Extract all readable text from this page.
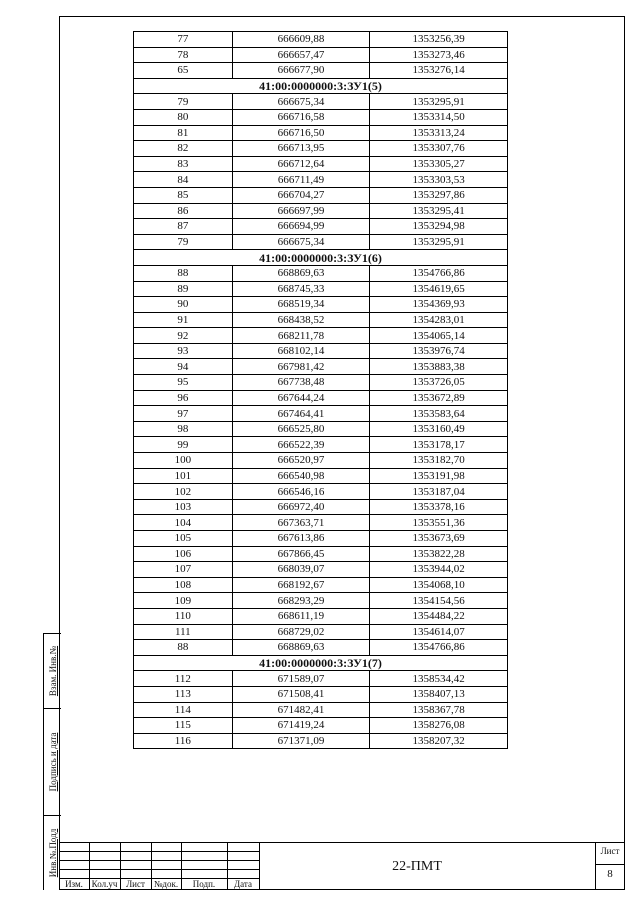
Взам. Инв.№
Подпись и дата
Инв.№.Подл
77	666609,88	1353256,39
78	666657,47	1353273,46
65	666677,90	1353276,14
41:00:0000000:3:ЗУ1(5)		
79	666675,34	1353295,91
80	666716,58	1353314,50
81	666716,50	1353313,24
82	666713,95	1353307,76
83	666712,64	1353305,27
84	666711,49	1353303,53
85	666704,27	1353297,86
86	666697,99	1353295,41
87	666694,99	1353294,98
79	666675,34	1353295,91
41:00:0000000:3:ЗУ1(6)		
88	668869,63	1354766,86
89	668745,33	1354619,65
90	668519,34	1354369,93
91	668438,52	1354283,01
92	668211,78	1354065,14
93	668102,14	1353976,74
94	667981,42	1353883,38
95	667738,48	1353726,05
96	667644,24	1353672,89
97	667464,41	1353583,64
98	666525,80	1353160,49
99	666522,39	1353178,17
100	666520,97	1353182,70
101	666540,98	1353191,98
102	666546,16	1353187,04
103	666972,40	1353378,16
104	667363,71	1353551,36
105	667613,86	1353673,69
106	667866,45	1353822,28
107	668039,07	1353944,02
108	668192,67	1354068,10
109	668293,29	1354154,56
110	668611,19	1354484,22
111	668729,02	1354614,07
88	668869,63	1354766,86
41:00:0000000:3:ЗУ1(7)		
112	671589,07	1358534,42
113	671508,41	1358407,13
114	671482,41	1358367,78
115	671419,24	1358276,08
116	671371,09	1358207,32
Изм. Кол.уч Лист №док.	Подп.	Дата
22-ПМТ
Лист
8
